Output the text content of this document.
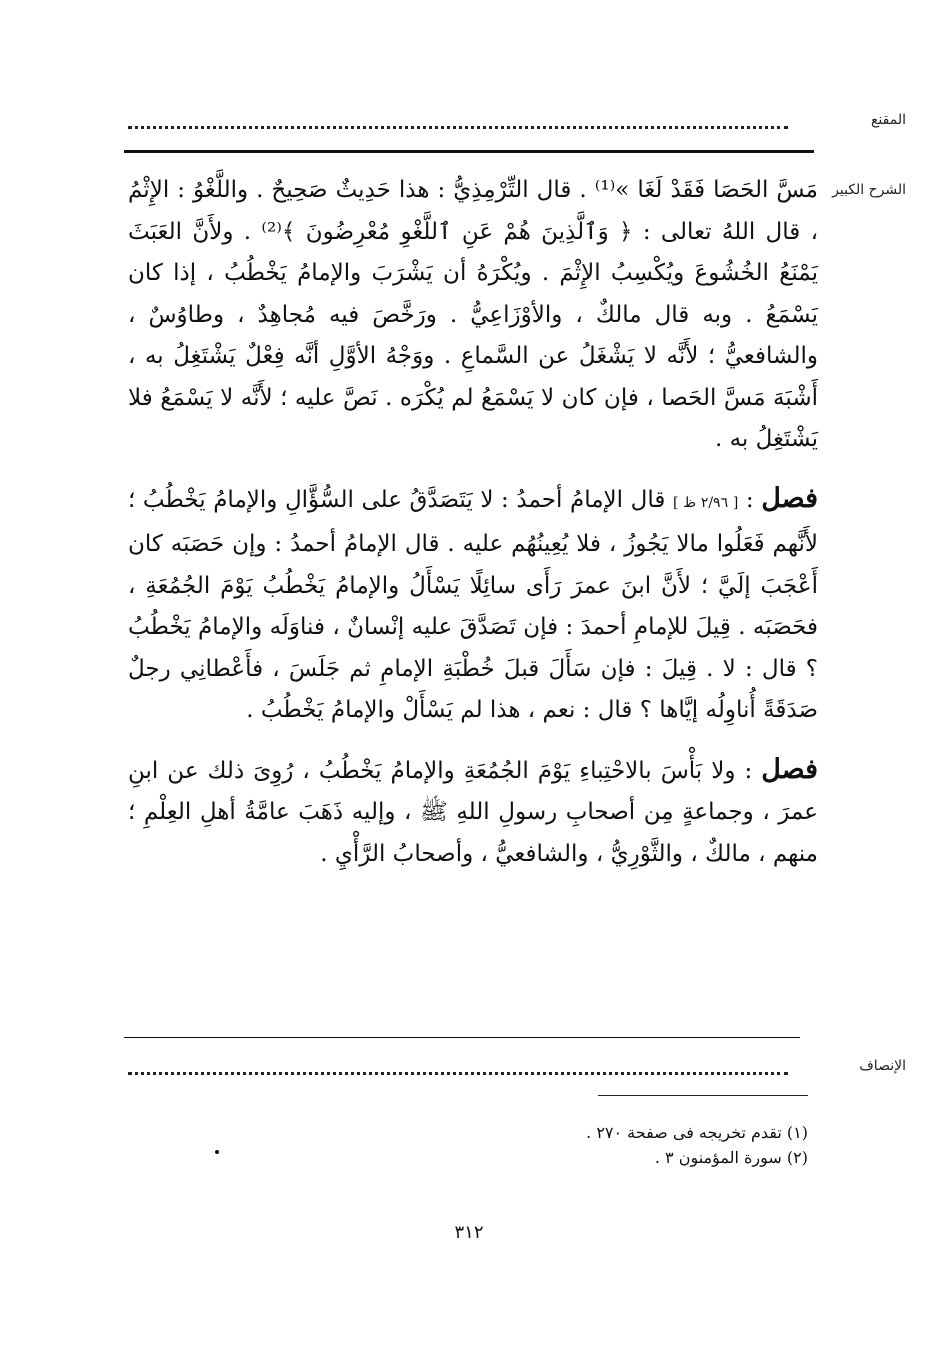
المقنع
الشرح الكبير

مَسَّ الحَصَا فَقَدْ لَغَا »⁽¹⁾ . قال التِّرْمِذِيُّ : هذا حَدِيثٌ صَحِيحٌ . واللَّغْوُ : الإِثْمُ ، قال اللهُ تعالى : ﴿ وَٱلَّذِينَ هُمْ عَنِ ٱللَّغْوِ مُعْرِضُونَ ﴾⁽²⁾ . ولأَنَّ العَبَثَ يَمْنَعُ الخُشُوعَ ويُكْسِبُ الإِثْمَ . ويُكْرَهُ أن يَشْرَبَ والإمامُ يَخْطُبُ ، إذا كان يَسْمَعُ . وبه قال مالكٌ ، والأوْزَاعِيُّ . ورَخَّصَ فيه مُجاهِدٌ ، وطاوُسٌ ، والشافعيُّ ؛ لأَنَّه لا يَشْغَلُ عن السَّماعِ . ووَجْهُ الأوَّلِ أنَّه فِعْلٌ يَشْتَغِلُ به ، أَشْبَهَ مَسَّ الحَصا ، فإن كان لا يَسْمَعُ لم يُكْرَه . نَصَّ عليه ؛ لأَنَّه لا يَسْمَعُ فلا يَشْتَغِلُ به .

فصل : [ ٢/٩٦ ظ ] قال الإمامُ أحمدُ : لا يَتَصَدَّقُ على السُّؤَّالِ والإمامُ يَخْطُبُ ؛ لأَنَّهم فَعَلُوا مالا يَجُوزُ ، فلا يُعِينُهُم عليه . قال الإمامُ أحمدُ : وإن حَصَبَه كان أَعْجَبَ إلَيَّ ؛ لأَنَّ ابنَ عمرَ رَأَى سائِلًا يَسْأَلُ والإمامُ يَخْطُبُ يَوْمَ الجُمُعَةِ ، فحَصَبَه . قِيلَ للإمامِ أحمدَ : فإن تَصَدَّقَ عليه إنْسانٌ ، فناوَلَه والإمامُ يَخْطُبُ ؟ قال : لا . قِيلَ : فإن سَأَلَ قبلَ خُطْبَةِ الإمامِ ثم جَلَسَ ، فأَعْطانِي رجلٌ صَدَقَةً أُناوِلُه إيَّاها ؟ قال : نعم ، هذا لم يَسْأَلْ والإمامُ يَخْطُبُ .

فصل : ولا بَأْسَ بالاحْتِباءِ يَوْمَ الجُمُعَةِ والإمامُ يَخْطُبُ ، رُوِىَ ذلك عن ابنِ عمرَ ، وجماعةٍ مِن أصحابِ رسولِ اللهِ ﷺ ، وإليه ذَهَبَ عامَّةُ أهلِ العِلْمِ ؛ منهم ، مالكٌ ، والثَّوْرِيُّ ، والشافعيُّ ، وأصحابُ الرَّأْيِ .

الإنصاف
(١) تقدم تخريجه فى صفحة ٢٧٠ .
(٢) سورة المؤمنون ٣ .
٣١٢
